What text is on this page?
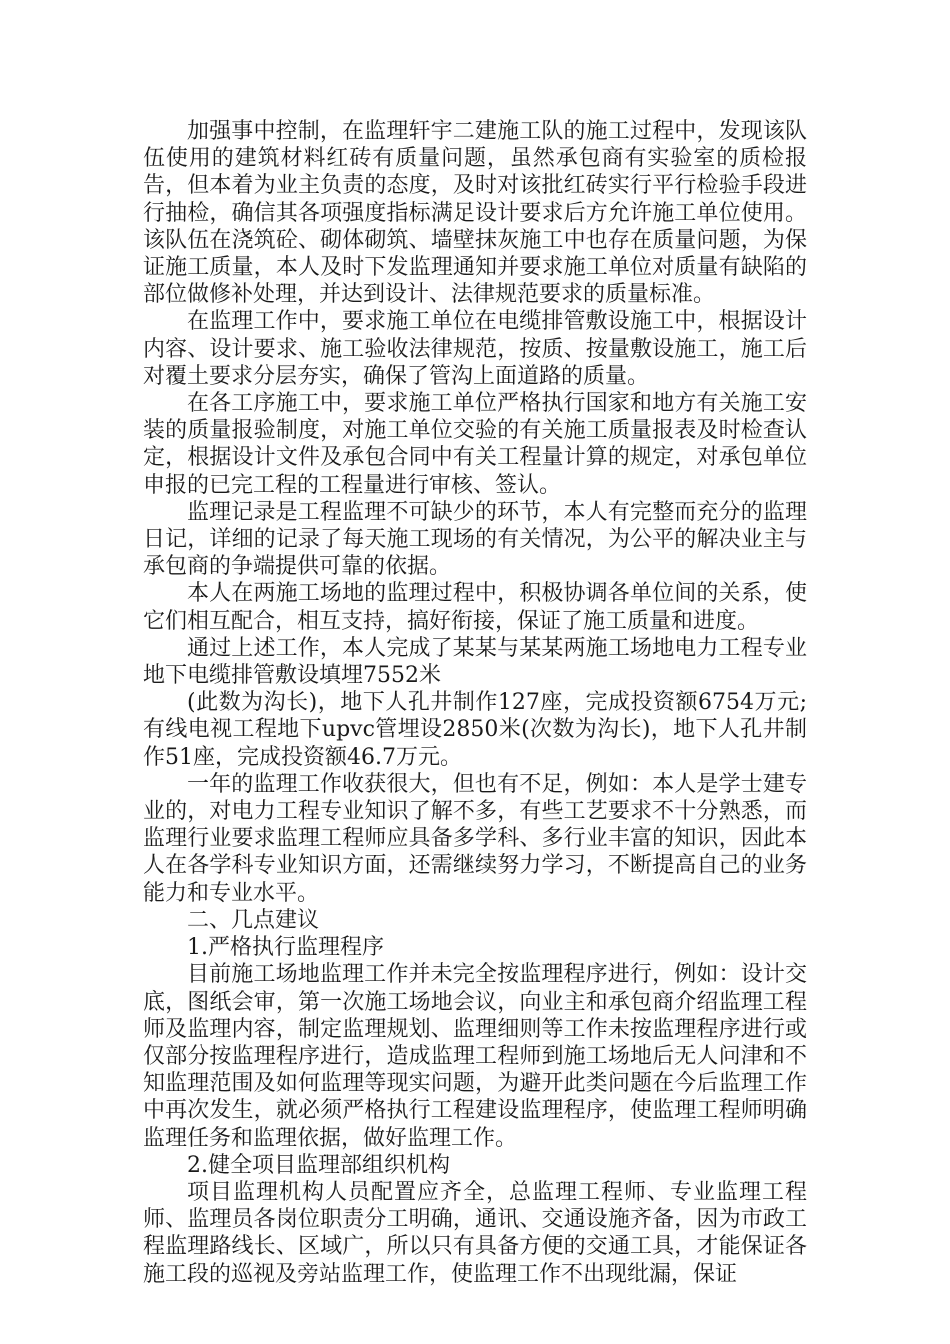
加强事中控制，在监理轩宇二建施工队的施工过程中，发现该队伍使用的建筑材料红砖有质量问题，虽然承包商有实验室的质检报告，但本着为业主负责的态度，及时对该批红砖实行平行检验手段进行抽检，确信其各项强度指标满足设计要求后方允许施工单位使用。该队伍在浇筑砼、砌体砌筑、墙壁抹灰施工中也存在质量问题，为保证施工质量，本人及时下发监理通知并要求施工单位对质量有缺陷的部位做修补处理，并达到设计、法律规范要求的质量标准。

在监理工作中，要求施工单位在电缆排管敷设施工中，根据设计内容、设计要求、施工验收法律规范，按质、按量敷设施工，施工后对覆土要求分层夯实，确保了管沟上面道路的质量。

在各工序施工中，要求施工单位严格执行国家和地方有关施工安装的质量报验制度，对施工单位交验的有关施工质量报表及时检查认定，根据设计文件及承包合同中有关工程量计算的规定，对承包单位申报的已完工程的工程量进行审核、签认。

监理记录是工程监理不可缺少的环节，本人有完整而充分的监理日记，详细的记录了每天施工现场的有关情况，为公平的解决业主与承包商的争端提供可靠的依据。

本人在两施工场地的监理过程中，积极协调各单位间的关系，使它们相互配合，相互支持，搞好衔接，保证了施工质量和进度。

通过上述工作，本人完成了某某与某某两施工场地电力工程专业地下电缆排管敷设填埋7552米

(此数为沟长)，地下人孔井制作127座，完成投资额6754万元;有线电视工程地下upvc管埋设2850米(次数为沟长)，地下人孔井制作51座，完成投资额46.7万元。

一年的监理工作收获很大，但也有不足，例如：本人是学士建专业的，对电力工程专业知识了解不多，有些工艺要求不十分熟悉，而监理行业要求监理工程师应具备多学科、多行业丰富的知识，因此本人在各学科专业知识方面，还需继续努力学习，不断提高自己的业务能力和专业水平。

二、几点建议

1.严格执行监理程序

目前施工场地监理工作并未完全按监理程序进行，例如：设计交底，图纸会审，第一次施工场地会议，向业主和承包商介绍监理工程师及监理内容，制定监理规划、监理细则等工作未按监理程序进行或仅部分按监理程序进行，造成监理工程师到施工场地后无人问津和不知监理范围及如何监理等现实问题，为避开此类问题在今后监理工作中再次发生，就必须严格执行工程建设监理程序，使监理工程师明确监理任务和监理依据，做好监理工作。

2.健全项目监理部组织机构

项目监理机构人员配置应齐全，总监理工程师、专业监理工程师、监理员各岗位职责分工明确，通讯、交通设施齐备，因为市政工程监理路线长、区域广，所以只有具备方便的交通工具，才能保证各施工段的巡视及旁站监理工作，使监理工作不出现纰漏，保证
